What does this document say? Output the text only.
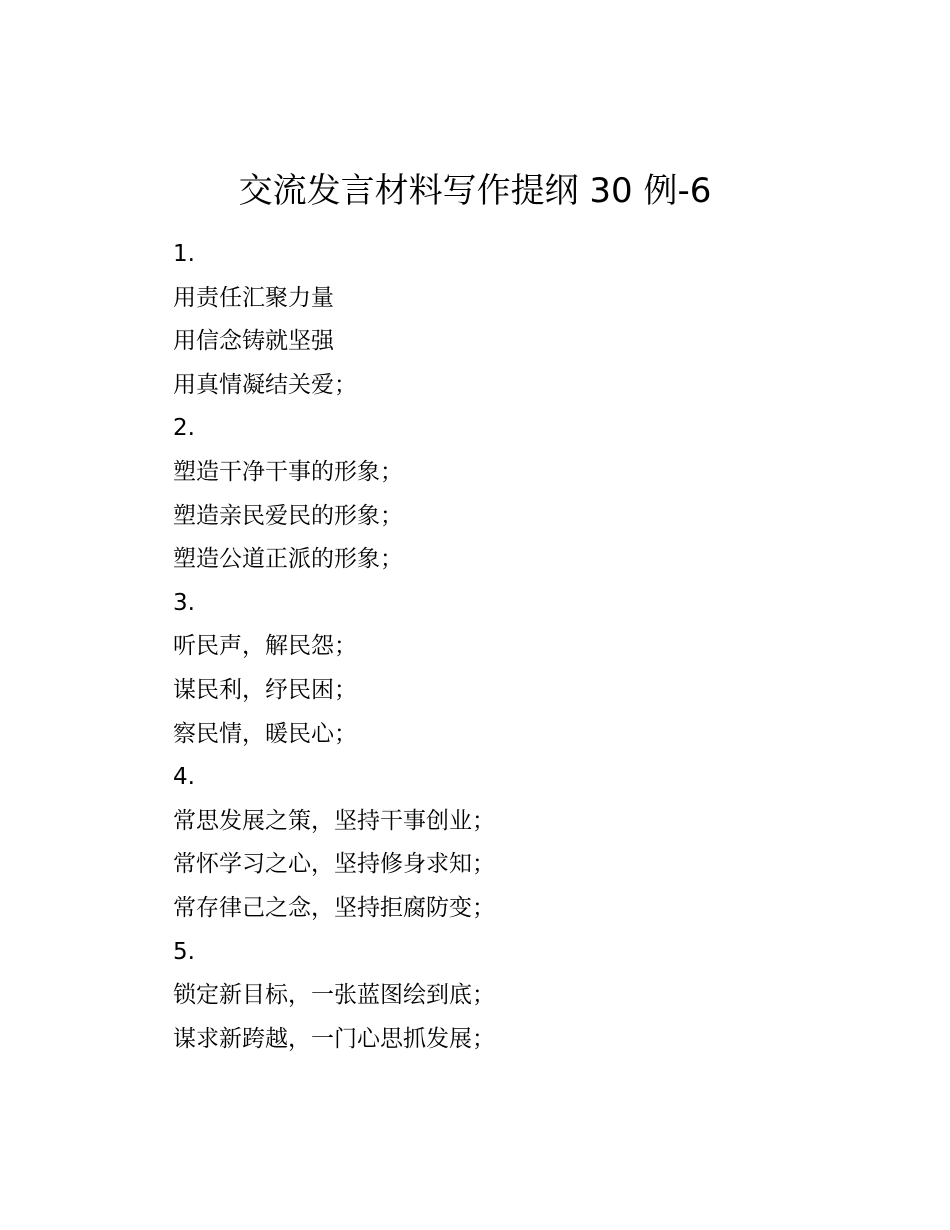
交流发言材料写作提纲 30 例-6
1.
用责任汇聚力量
用信念铸就坚强
用真情凝结关爱；
2.
塑造干净干事的形象；
塑造亲民爱民的形象；
塑造公道正派的形象；
3.
听民声，解民怨；
谋民利，纾民困；
察民情，暖民心；
4.
常思发展之策，坚持干事创业；
常怀学习之心，坚持修身求知；
常存律己之念，坚持拒腐防变；
5.
锁定新目标，一张蓝图绘到底；
谋求新跨越，一门心思抓发展；
